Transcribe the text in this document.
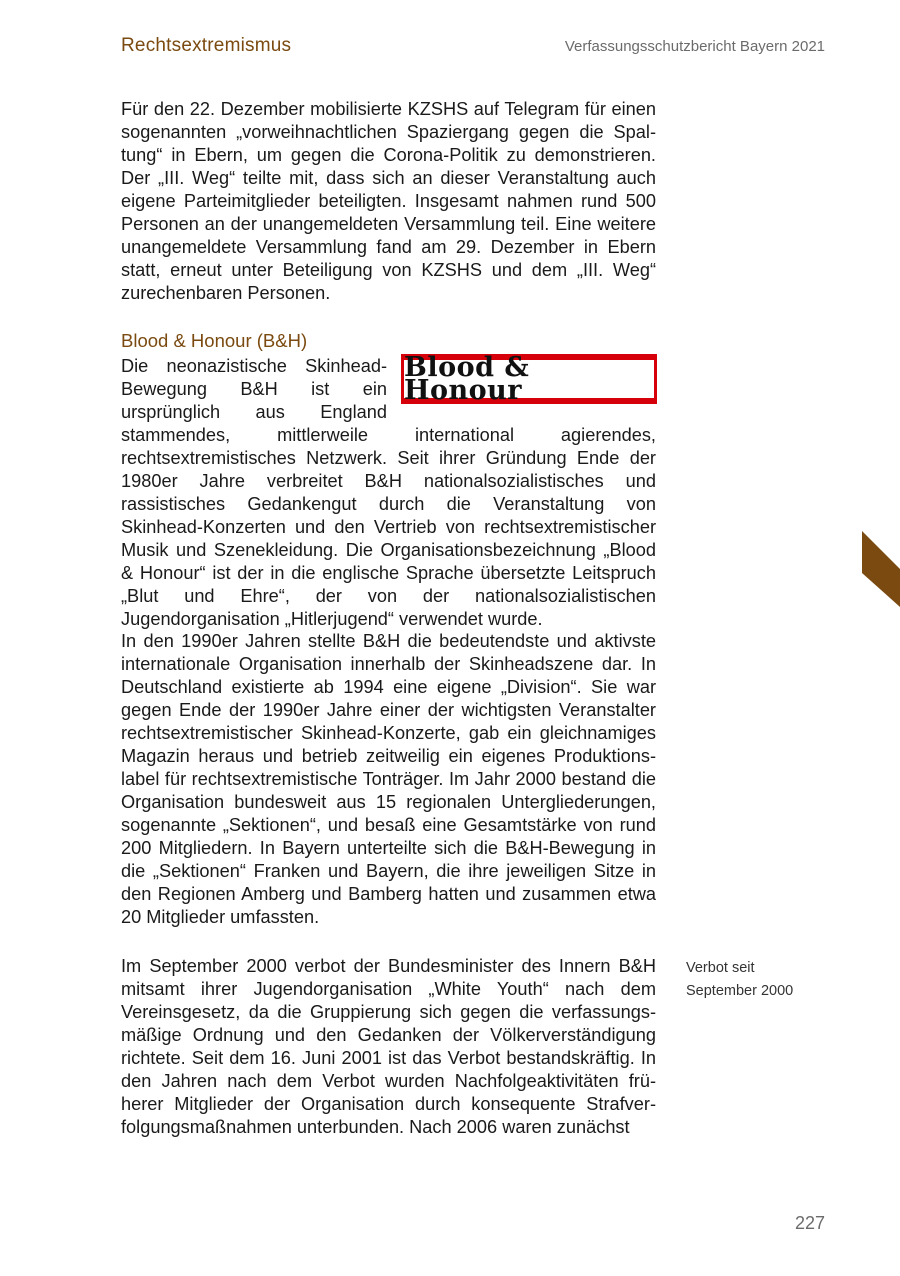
Rechtsextremismus	Verfassungsschutzbericht Bayern 2021

Für den 22. Dezember mobilisierte KZSHS auf Telegram für einen sogenannten „vorweihnachtlichen Spaziergang gegen die Spaltung“ in Ebern, um gegen die Corona-Politik zu demonstrieren. Der „III. Weg“ teilte mit, dass sich an dieser Veranstaltung auch eigene Parteimitglieder beteiligten. Insgesamt nahmen rund 500 Personen an der unangemeldeten Versammlung teil. Eine weitere unangemeldete Versammlung fand am 29. Dezember in Ebern statt, erneut unter Beteiligung von KZSHS und dem „III. Weg“ zurechenbaren Personen.

Blood & Honour (B&H)
Blood & Honour

Die neonazistische Skinhead-Bewegung B&H ist ein ursprünglich aus England stammendes, mittlerweile international agierendes, rechtsextremistisches Netzwerk. Seit ihrer Gründung Ende der 1980er Jahre verbreitet B&H nationalsozialistisches und rassistisches Gedankengut durch die Veranstaltung von Skinhead-Konzerten und den Vertrieb von rechtsextremistischer Musik und Szenekleidung. Die Organisationsbezeichnung „Blood & Honour“ ist der in die englische Sprache übersetzte Leitspruch „Blut und Ehre“, der von der nationalsozialistischen Jugendorganisation „Hitlerjugend“ verwendet wurde.

In den 1990er Jahren stellte B&H die bedeutendste und aktivste internationale Organisation innerhalb der Skinheadszene dar. In Deutschland existierte ab 1994 eine eigene „Division“. Sie war gegen Ende der 1990er Jahre einer der wichtigsten Veranstalter rechtsextremistischer Skinhead-Konzerte, gab ein gleichnamiges Magazin heraus und betrieb zeitweilig ein eigenes Produktionslabel für rechtsextremistische Tonträger. Im Jahr 2000 bestand die Organisation bundesweit aus 15 regionalen Untergliederungen, sogenannte „Sektionen“, und besaß eine Gesamtstärke von rund 200 Mitgliedern. In Bayern unterteilte sich die B&H-Bewegung in die „Sektionen“ Franken und Bayern, die ihre jeweiligen Sitze in den Regionen Amberg und Bamberg hatten und zusammen etwa 20 Mitglieder umfassten.

Im September 2000 verbot der Bundesminister des Innern B&H mitsamt ihrer Jugendorganisation „White Youth“ nach dem Vereinsgesetz, da die Gruppierung sich gegen die verfassungsmäßige Ordnung und den Gedanken der Völkerverständigung richtete. Seit dem 16. Juni 2001 ist das Verbot bestandskräftig. In den Jahren nach dem Verbot wurden Nachfolgeaktivitäten früherer Mitglieder der Organisation durch konsequente Strafverfolgungsmaßnahmen unterbunden. Nach 2006 waren zunächst

Verbot seit
September 2000
227
